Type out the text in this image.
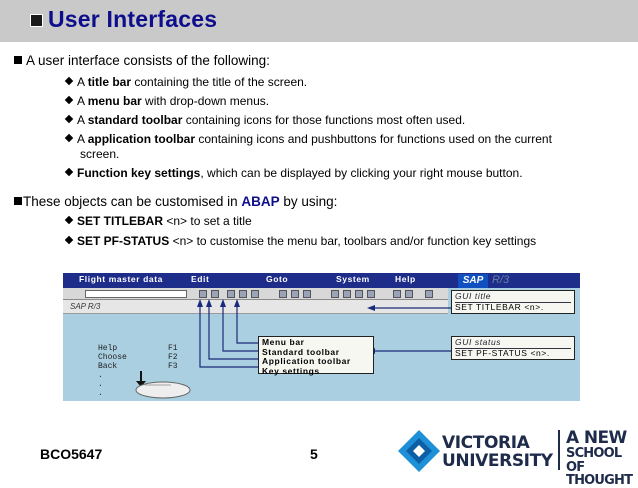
User Interfaces
A user interface consists of the following:
A title bar containing the title of the screen.
A menu bar with drop-down menus.
A standard toolbar containing icons for those functions most often used.
A application toolbar containing icons and pushbuttons for functions used on the current
screen.
Function key settings, which can be displayed by clicking your right mouse button.
These objects can be customised in ABAP by using:
SET TITLEBAR <n> to set a title
SET PF-STATUS <n> to customise the menu bar, toolbars and/or function key settings
Flight master data	Edit	Goto	System	Help	SAP R/3
SAP R/3
Help	F1
Choose	F2
Back	F3
.
.
.
Menu bar
Standard toolbar
Application toolbar
Key settings
GUI title
SET TITLEBAR <n>.
GUI status
SET PF-STATUS <n>.
BCO5647	5
VICTORIA
UNIVERSITY
A NEW
SCHOOL OF
THOUGHT
